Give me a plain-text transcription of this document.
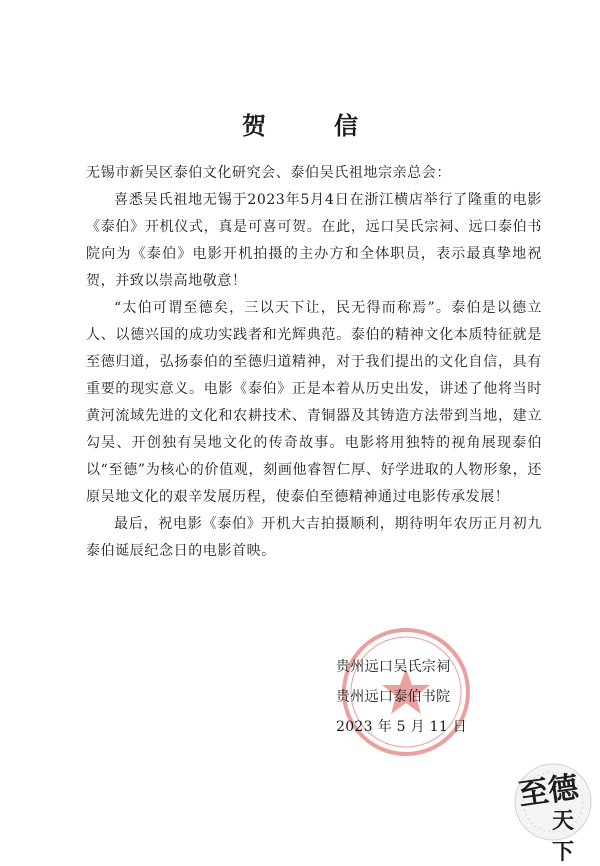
贺　信

无锡市新吴区泰伯文化研究会、泰伯吴氏祖地宗亲总会：

喜悉吴氏祖地无锡于2023年5月4日在浙江横店举行了隆重的电影《泰伯》开机仪式，真是可喜可贺。在此，远口吴氏宗祠、远口泰伯书院向为《泰伯》电影开机拍摄的主办方和全体职员，表示最真挚地祝贺，并致以崇高地敬意！

“太伯可谓至德矣，三以天下让，民无得而称焉”。泰伯是以德立人、以德兴国的成功实践者和光辉典范。泰伯的精神文化本质特征就是至德归道，弘扬泰伯的至德归道精神，对于我们提出的文化自信，具有重要的现实意义。电影《泰伯》正是本着从历史出发，讲述了他将当时黄河流域先进的文化和农耕技术、青铜器及其铸造方法带到当地，建立勾吴、开创独有吴地文化的传奇故事。电影将用独特的视角展现泰伯以“至德”为核心的价值观，刻画他睿智仁厚、好学进取的人物形象，还原吴地文化的艰辛发展历程，使泰伯至德精神通过电影传承发展！

最后，祝电影《泰伯》开机大吉拍摄顺利，期待明年农历正月初九泰伯诞辰纪念日的电影首映。

贵州远口吴氏宗祠
贵州远口泰伯书院
2023 年 5 月 11 日
至德
天下
